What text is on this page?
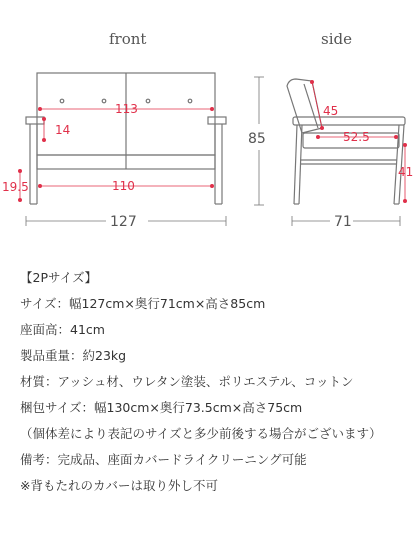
front	side
113
14
110
19.5
127
85
45
52.5
41
71
【2Pサイズ】
サイズ：幅127cm×奥行71cm×高さ85cm
座面高：41cm
製品重量：約23kg
材質：アッシュ材、ウレタン塗装、ポリエステル、コットン
梱包サイズ：幅130cm×奥行73.5cm×高さ75cm
（個体差により表記のサイズと多少前後する場合がございます）
備考：完成品、座面カバードライクリーニング可能
※背もたれのカバーは取り外し不可
